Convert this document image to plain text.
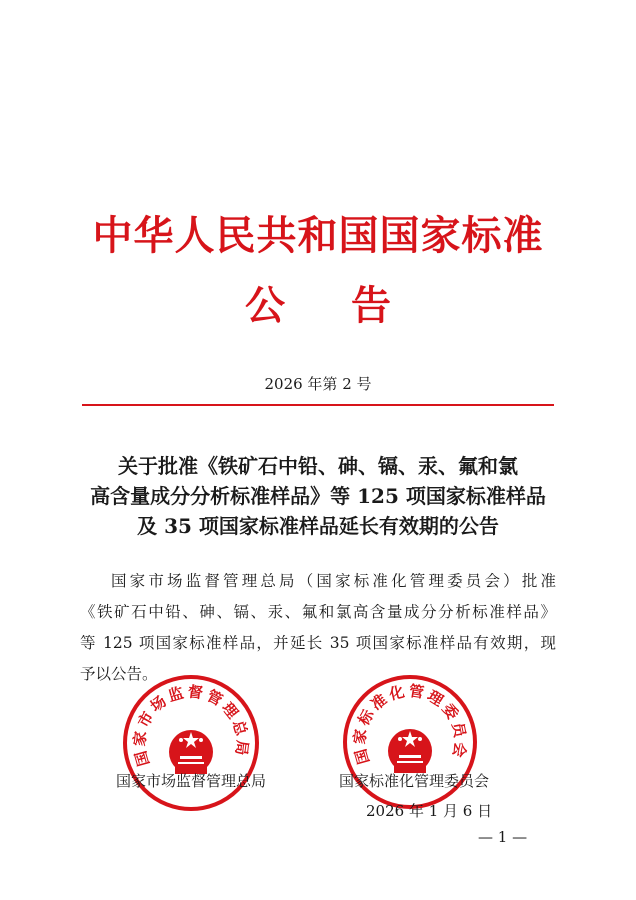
中华人民共和国国家标准
公 告
2026 年第 2 号
关于批准《铁矿石中铅、砷、镉、汞、氟和氯
高含量成分分析标准样品》等 125 项国家标准样品
及 35 项国家标准样品延长有效期的公告
国家市场监督管理总局（国家标准化管理委员会）批准
《铁矿石中铅、砷、镉、汞、氟和氯高含量成分分析标准样品》
等 125 项国家标准样品，并延长 35 项国家标准样品有效期，现
予以公告。
国家市场监督管理总局	国家标准化管理委员会
国家市场监督管理总局	国家标准化管理委员会
2026 年 1 月 6 日
— 1 —
